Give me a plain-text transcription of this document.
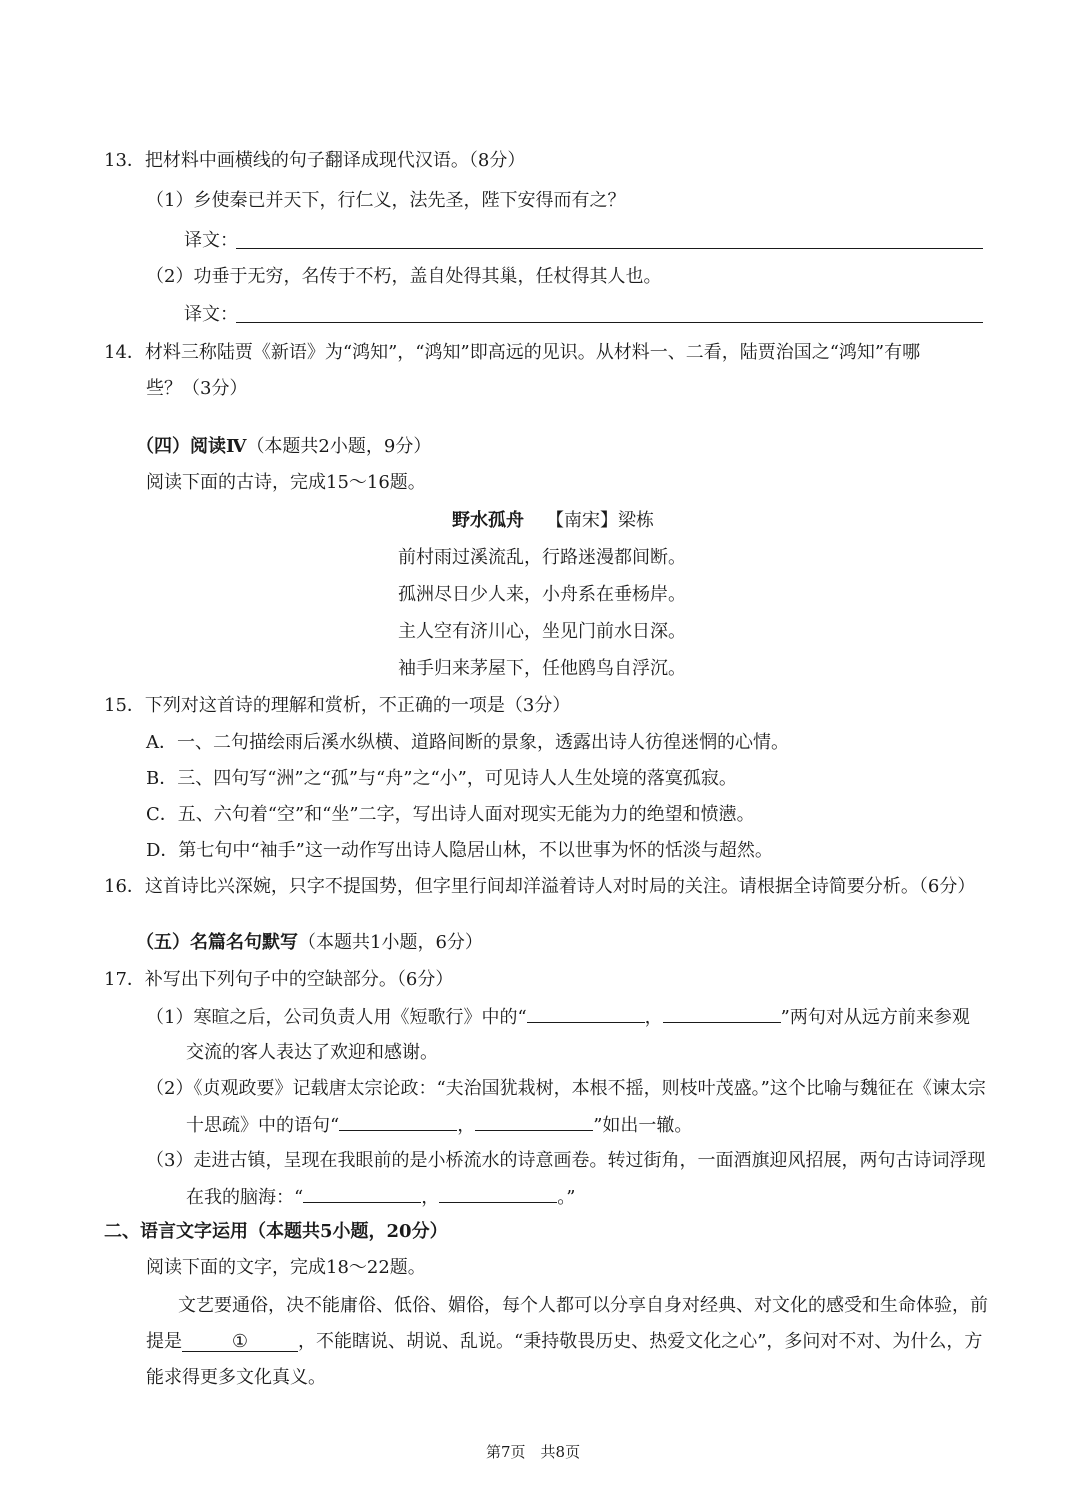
13．把材料中画横线的句子翻译成现代汉语。（8分）
（1）乡使秦已并天下，行仁义，法先圣，陛下安得而有之？
译文：
（2）功垂于无穷，名传于不朽，盖自处得其巢，任杖得其人也。
译文：
14．材料三称陆贾《新语》为“鸿知”，“鸿知”即高远的见识。从材料一、二看，陆贾治国之“鸿知”有哪
些？（3分）
（四）阅读Ⅳ（本题共2小题，9分）
阅读下面的古诗，完成15～16题。
野水孤舟 【南宋】梁栋
前村雨过溪流乱，行路迷漫都间断。
孤洲尽日少人来，小舟系在垂杨岸。
主人空有济川心，坐见门前水日深。
袖手归来茅屋下，任他鸥鸟自浮沉。
15．下列对这首诗的理解和赏析，不正确的一项是（3分）
A．一、二句描绘雨后溪水纵横、道路间断的景象，透露出诗人彷徨迷惘的心情。
B．三、四句写“洲”之“孤”与“舟”之“小”，可见诗人人生处境的落寞孤寂。
C．五、六句着“空”和“坐”二字，写出诗人面对现实无能为力的绝望和愤懑。
D．第七句中“袖手”这一动作写出诗人隐居山林，不以世事为怀的恬淡与超然。
16．这首诗比兴深婉，只字不提国势，但字里行间却洋溢着诗人对时局的关注。请根据全诗简要分析。（6分）
（五）名篇名句默写（本题共1小题，6分）
17．补写出下列句子中的空缺部分。（6分）
（1）寒暄之后，公司负责人用《短歌行》中的“	，	”两句对从远方前来参观
交流的客人表达了欢迎和感谢。
（2）《贞观政要》记载唐太宗论政：“夫治国犹栽树，本根不摇，则枝叶茂盛。”这个比喻与魏征在《谏太宗
十思疏》中的语句“	，	”如出一辙。
（3）走进古镇，呈现在我眼前的是小桥流水的诗意画卷。转过街角，一面酒旗迎风招展，两句古诗词浮现
在我的脑海：“	，	。”
二、语言文字运用（本题共5小题，20分）
阅读下面的文字，完成18～22题。
文艺要通俗，决不能庸俗、低俗、媚俗，每个人都可以分享自身对经典、对文化的感受和生命体验，前
提是	①	，不能瞎说、胡说、乱说。“秉持敬畏历史、热爱文化之心”，多问对不对、为什么，方
能求得更多文化真义。
第7页　共8页
